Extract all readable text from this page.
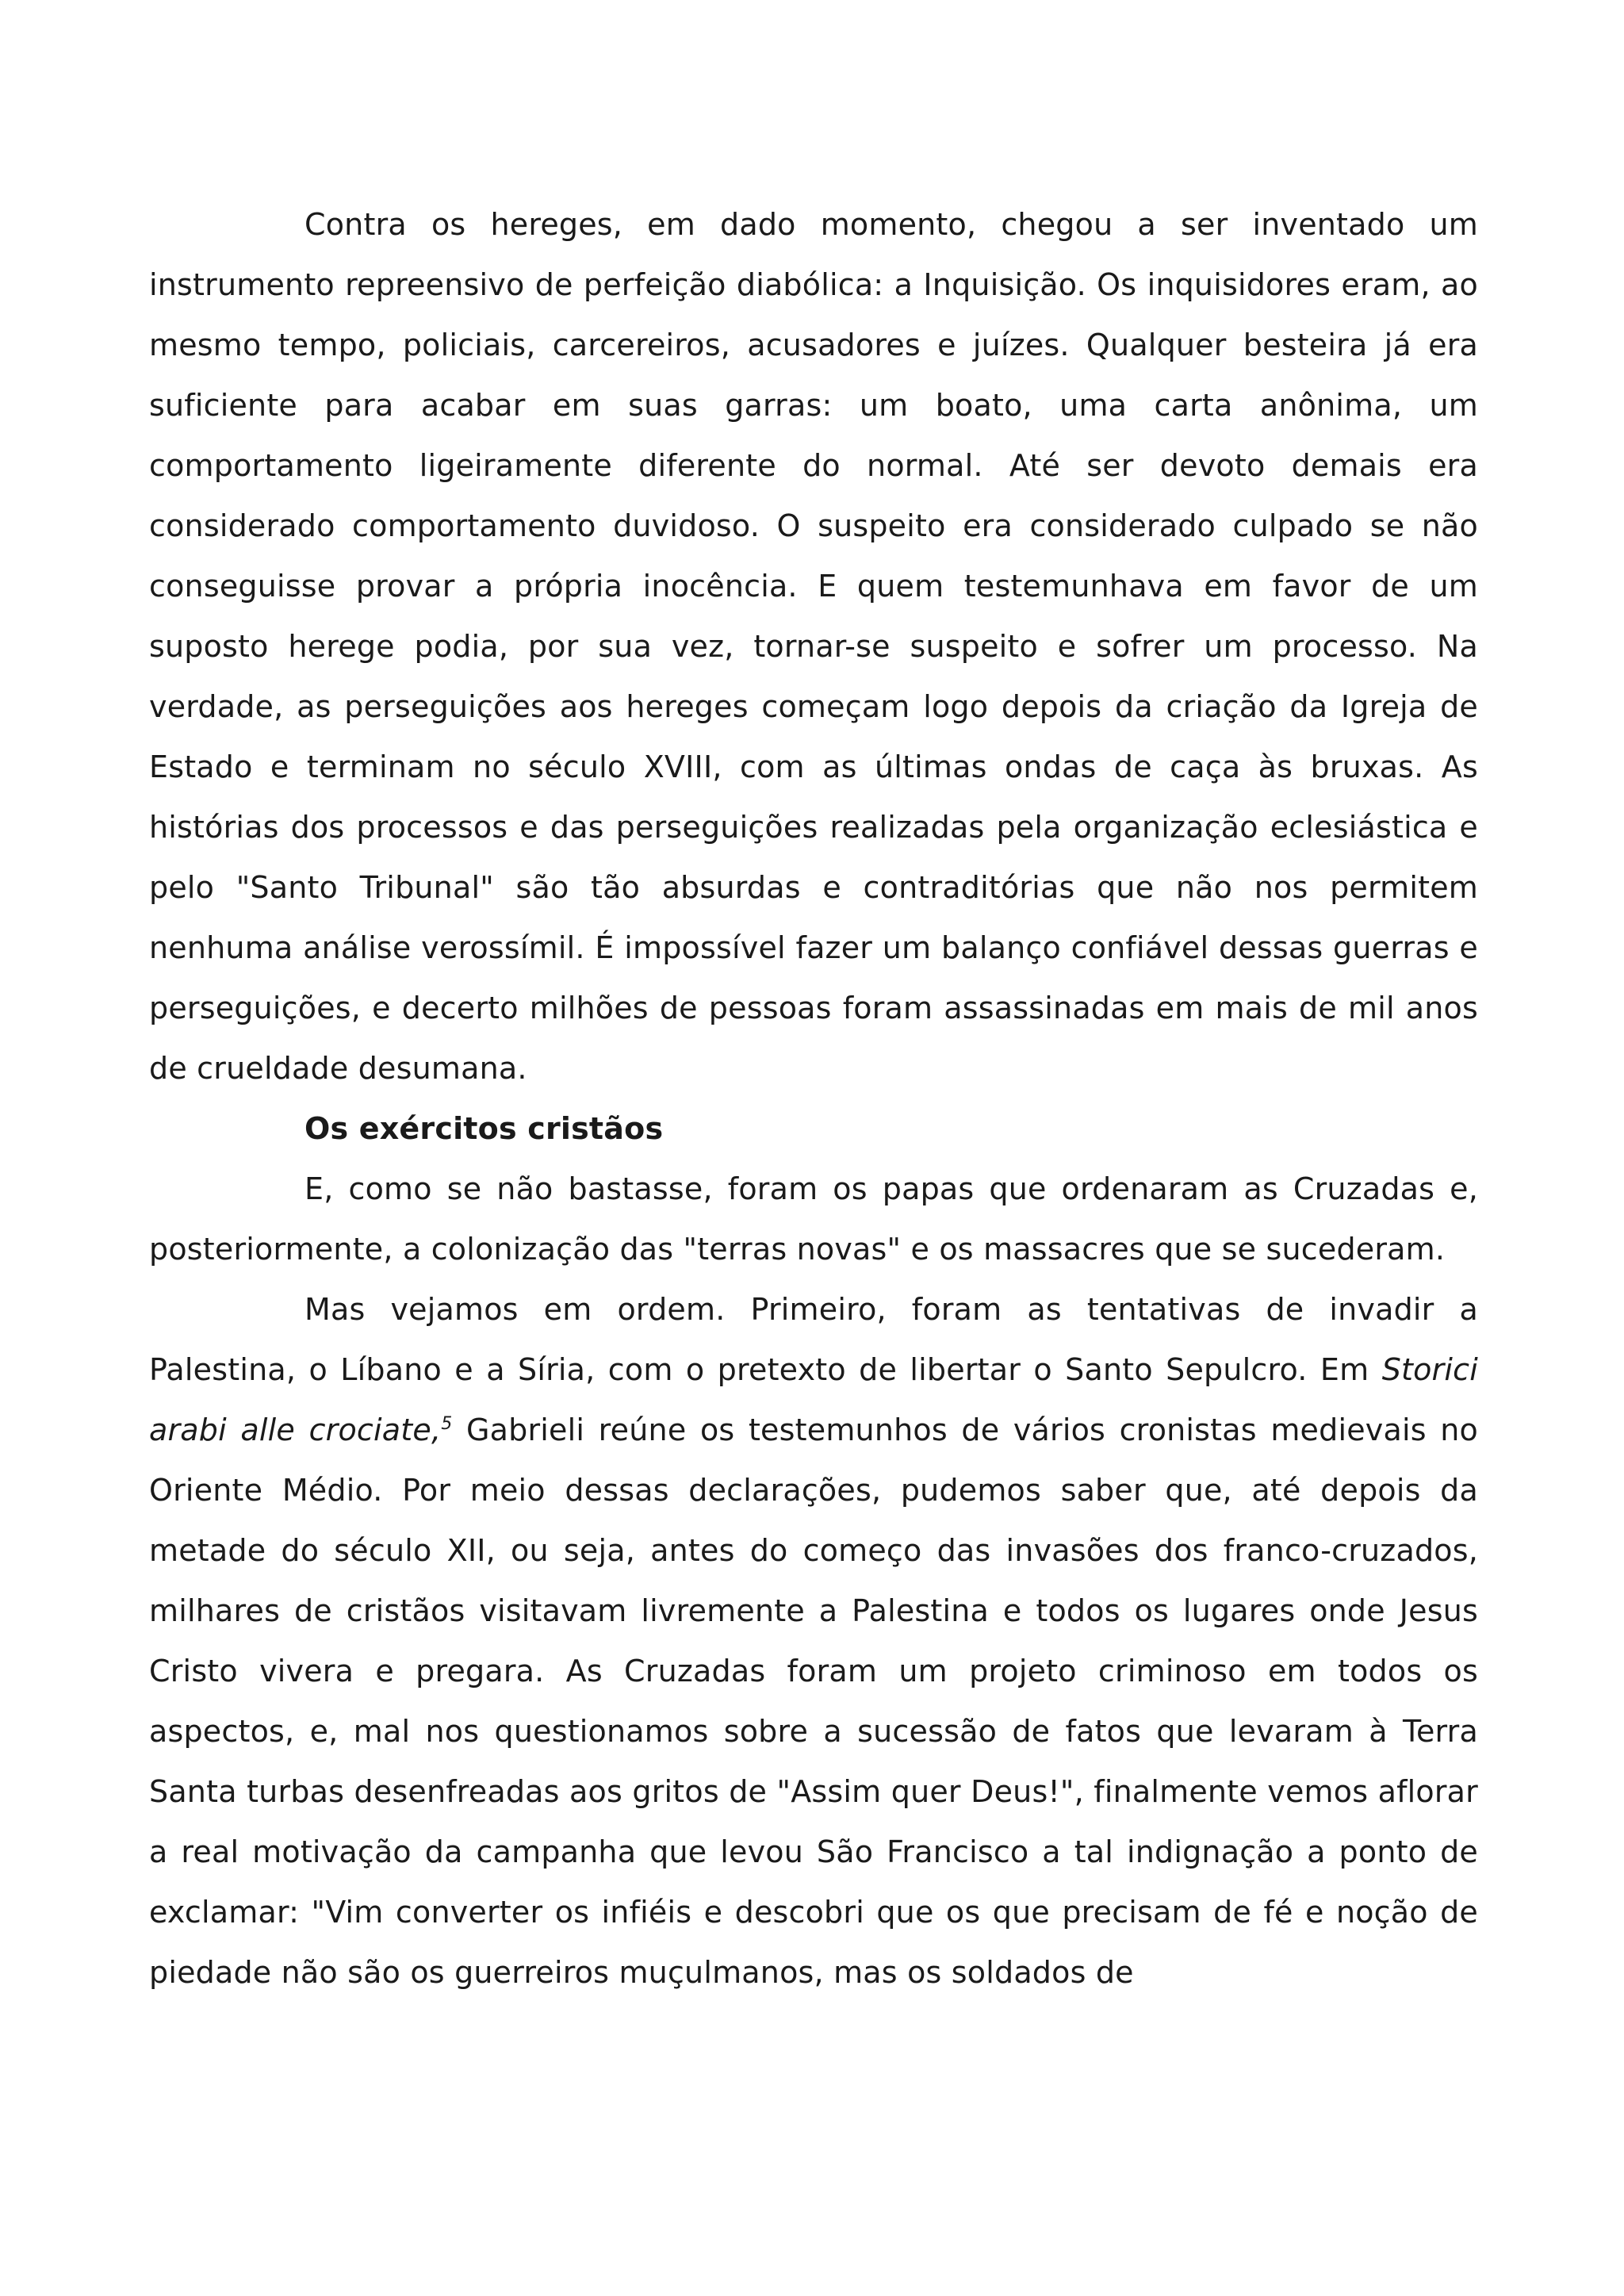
Contra os hereges, em dado momento, chegou a ser inventado um instrumento repreensivo de perfeição diabólica: a Inquisição. Os inquisidores eram, ao mesmo tempo, policiais, carcereiros, acusadores e juízes. Qualquer besteira já era suficiente para acabar em suas garras: um boato, uma carta anônima, um comportamento ligeiramente diferente do normal. Até ser devoto demais era considerado comportamento duvidoso. O suspeito era considerado culpado se não conseguisse provar a própria inocência. E quem testemunhava em favor de um suposto herege podia, por sua vez, tornar-se suspeito e sofrer um processo. Na verdade, as perseguições aos hereges começam logo depois da criação da Igreja de Estado e terminam no século XVIII, com as últimas ondas de caça às bruxas. As histórias dos processos e das perseguições realizadas pela organização eclesiástica e pelo "Santo Tribunal" são tão absurdas e contraditórias que não nos permitem nenhuma análise verossímil. É impossível fazer um balanço confiável dessas guerras e perseguições, e decerto milhões de pessoas foram assassinadas em mais de mil anos de crueldade desumana.

Os exércitos cristãos

E, como se não bastasse, foram os papas que ordenaram as Cruzadas e, posteriormente, a colonização das "terras novas" e os massacres que se sucederam.

Mas vejamos em ordem. Primeiro, foram as tentativas de invadir a Palestina, o Líbano e a Síria, com o pretexto de libertar o Santo Sepulcro. Em Storici arabi alle crociate,$^5$ Gabrieli reúne os testemunhos de vários cronistas medievais no Oriente Médio. Por meio dessas declarações, pudemos saber que, até depois da metade do século XII, ou seja, antes do começo das invasões dos franco-cruzados, milhares de cristãos visitavam livremente a Palestina e todos os lugares onde Jesus Cristo vivera e pregara. As Cruzadas foram um projeto criminoso em todos os aspectos, e, mal nos questionamos sobre a sucessão de fatos que levaram à Terra Santa turbas desenfreadas aos gritos de "Assim quer Deus!", finalmente vemos aflorar a real motivação da campanha que levou São Francisco a tal indignação a ponto de exclamar: "Vim converter os infiéis e descobri que os que precisam de fé e noção de piedade não são os guerreiros muçulmanos, mas os soldados de
